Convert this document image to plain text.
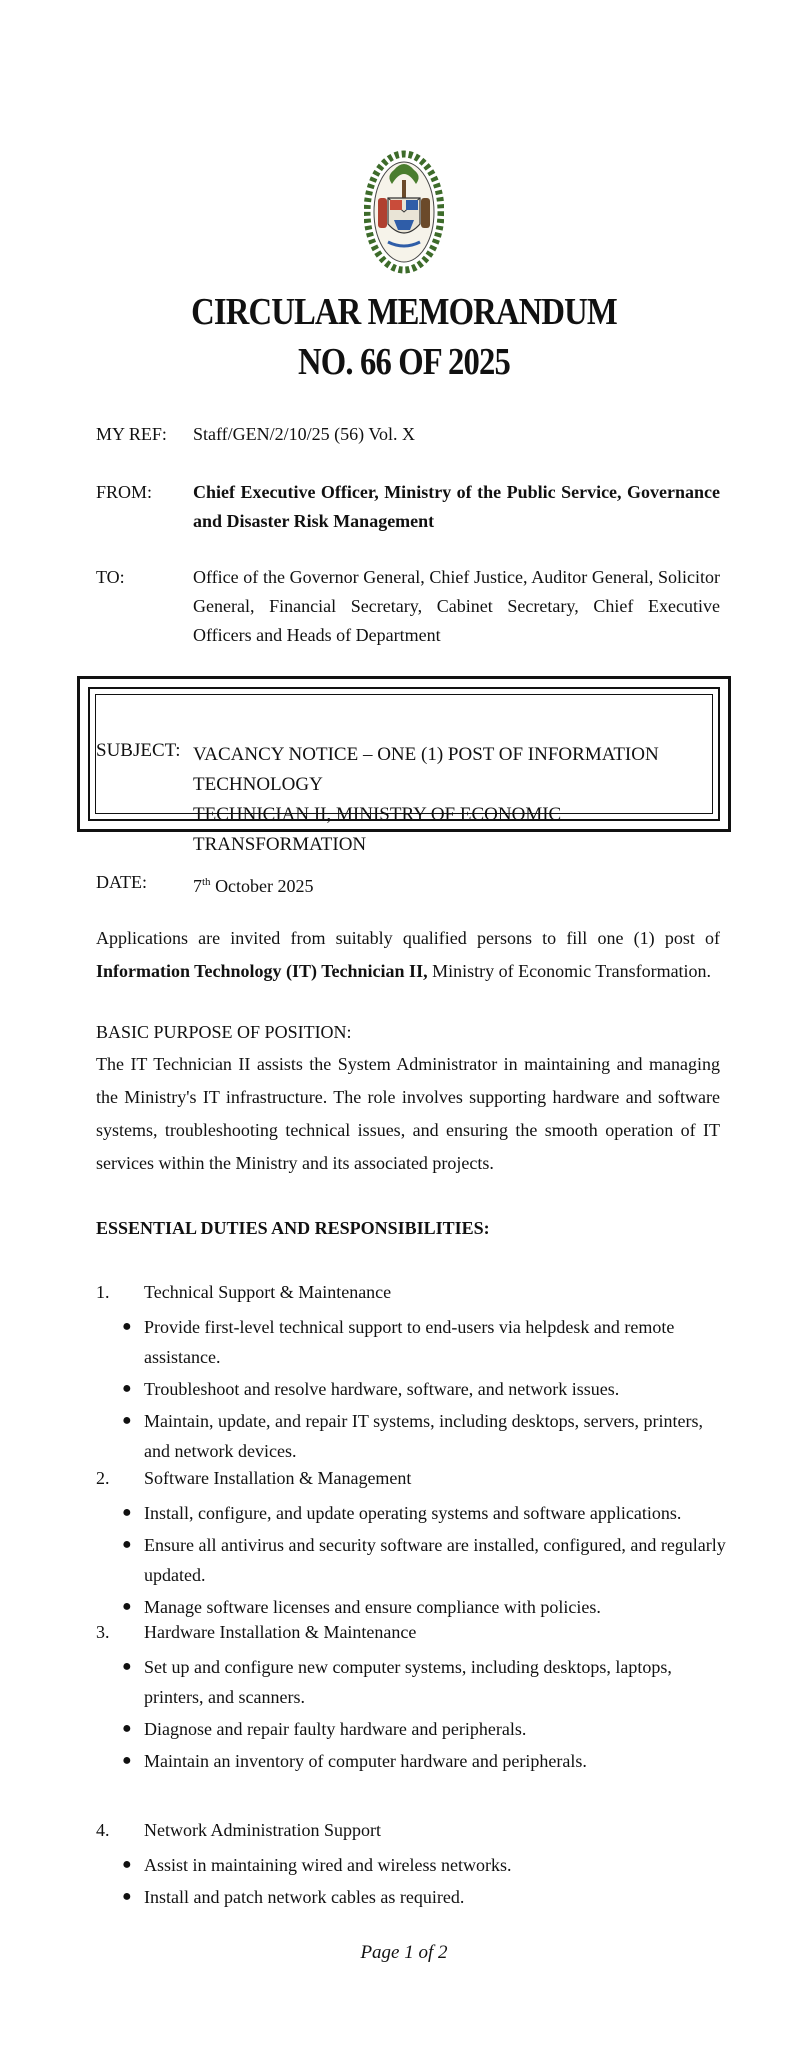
CIRCULAR MEMORANDUM
NO. 66 OF 2025
MY REF: Staff/GEN/2/10/25 (56) Vol. X
FROM: Chief Executive Officer, Ministry of the Public Service, Governance and Disaster Risk Management
TO:	Office of the Governor General, Chief Justice, Auditor General, Solicitor General, Financial Secretary, Cabinet Secretary, Chief Executive Officers and Heads of Department
SUBJECT: VACANCY NOTICE – ONE (1) POST OF INFORMATION TECHNOLOGY
TECHNICIAN II, MINISTRY OF ECONOMIC TRANSFORMATION
DATE:	7th October 2025
Applications are invited from suitably qualified persons to fill one (1) post of Information Technology (IT) Technician II, Ministry of Economic Transformation.
BASIC PURPOSE OF POSITION:
The IT Technician II assists the System Administrator in maintaining and managing the Ministry's IT infrastructure. The role involves supporting hardware and software systems, troubleshooting technical issues, and ensuring the smooth operation of IT services within the Ministry and its associated projects.
ESSENTIAL DUTIES AND RESPONSIBILITIES:
1. Technical Support & Maintenance
● Provide first-level technical support to end-users via helpdesk and remote assistance.
● Troubleshoot and resolve hardware, software, and network issues.
● Maintain, update, and repair IT systems, including desktops, servers, printers, and network devices.
2. Software Installation & Management
● Install, configure, and update operating systems and software applications.
● Ensure all antivirus and security software are installed, configured, and regularly updated.
● Manage software licenses and ensure compliance with policies.
3. Hardware Installation & Maintenance
● Set up and configure new computer systems, including desktops, laptops, printers, and scanners.
● Diagnose and repair faulty hardware and peripherals.
● Maintain an inventory of computer hardware and peripherals.
4. Network Administration Support
● Assist in maintaining wired and wireless networks.
● Install and patch network cables as required.
Page 1 of 2
